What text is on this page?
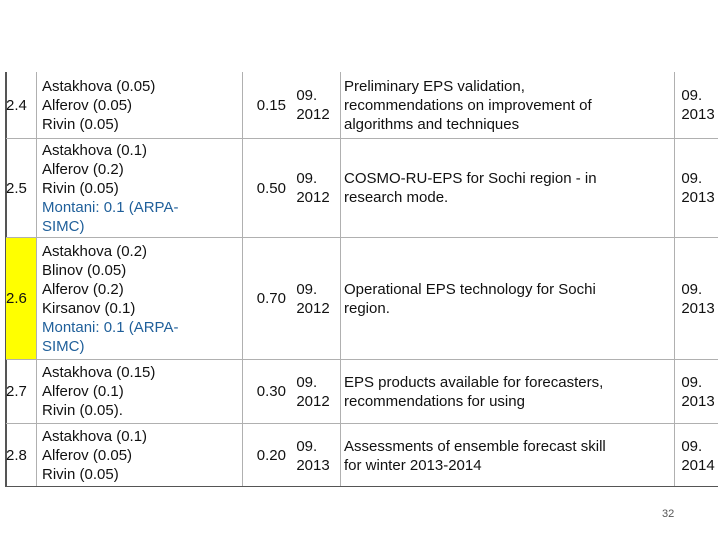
2.4
Astakhova (0.05)
Alferov (0.05)
Rivin (0.05)
0.15
09.
2012
Preliminary EPS validation,
recommendations on improvement of
algorithms and techniques
09.
2013
2.5
Astakhova (0.1)
Alferov (0.2)
Rivin (0.05)
Montani: 0.1 (ARPA-
SIMC)
0.50
09.
2012
COSMO-RU-EPS for Sochi region - in
research mode.
09.
2013
2.6
Astakhova (0.2)
Blinov (0.05)
Alferov (0.2)
Kirsanov (0.1)
Montani: 0.1 (ARPA-
SIMC)
0.70
09.
2012
Operational EPS technology for Sochi
region.
09.
2013
2.7
Astakhova (0.15)
Alferov (0.1)
Rivin (0.05).
0.30
09.
2012
EPS products available for forecasters,
recommendations for using
09.
2013
2.8
Astakhova (0.1)
Alferov (0.05)
Rivin (0.05)
0.20
09.
2013
Assessments of ensemble forecast skill
for winter 2013-2014
09.
2014
32
